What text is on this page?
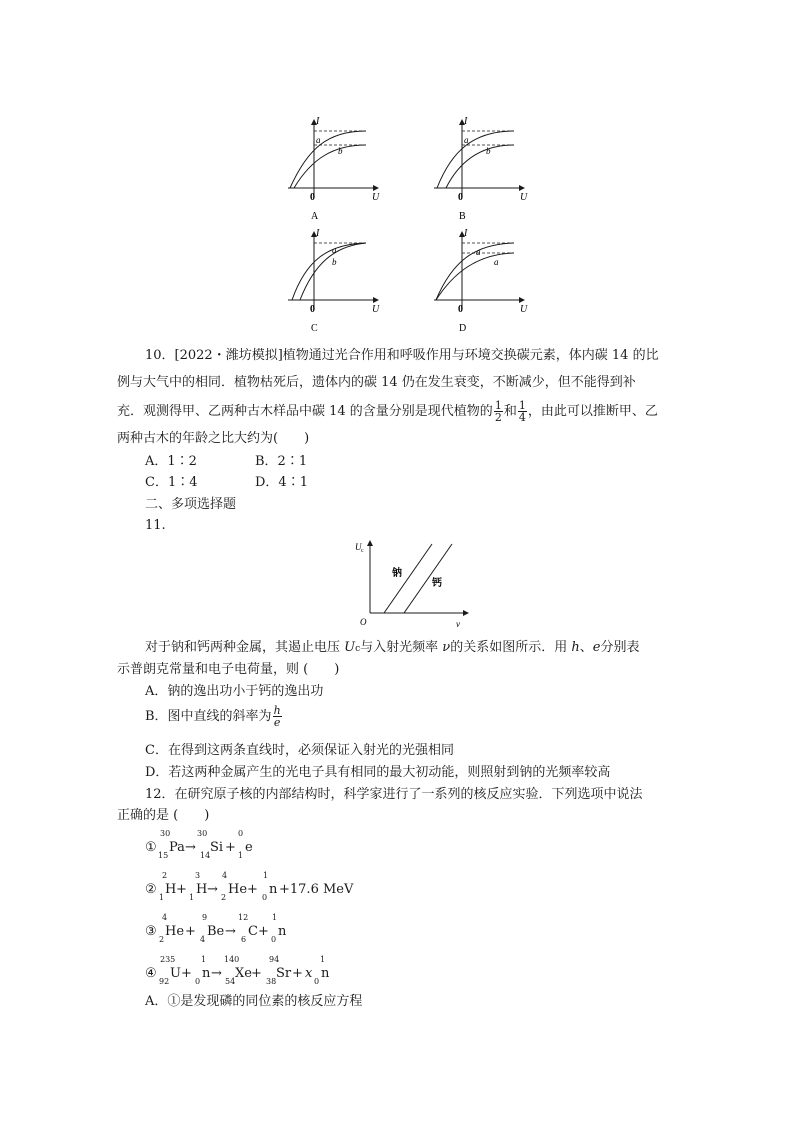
I
U
0
a
b
A
I
U
0
a
b
B
I
U
0
a
b
C
I
U
0
a
a
D
10．[2022・潍坊模拟]植物通过光合作用和呼吸作用与环境交换碳元素，体内碳 14 的比
例与大气中的相同．植物枯死后，遗体内的碳 14 仍在发生衰变，不断减少，但不能得到补
充．观测得甲、乙两种古木样品中碳 14 的含量分别是现代植物的 $\frac{1}{2}$ 和 $\frac{1}{4}$ ，由此可以推断甲、乙
两种古木的年龄之比大约为(　　)
A．1∶2	B．2∶1
C．1∶4	D．4∶1
二、多项选择题
11.
U c
O	ν
钠
钙
对于钠和钙两种金属，其遏止电压 Uc与入射光频率 ν的关系如图所示．用 h、e分别表
示普朗克常量和电子电荷量，则 (　　)
A．钠的逸出功小于钙的逸出功
B．图中直线的斜率为 $\frac{h}{e}$
C．在得到这两条直线时，必须保证入射光的光强相同
D．若这两种金属产生的光电子具有相同的最大初动能，则照射到钠的光频率较高
12．在研究原子核的内部结构时，科学家进行了一系列的核反应实验．下列选项中说法
正确的是 (　　)
①
30
15
Pa →
30
14
Si +
0
1
e
②
2
1
H +
3
1
H →
4
2
He +
1
0
n +17.6 MeV
③
4
2
He +
9
4
Be →
12
6
C +
1
0
n
④
235
92
U +
1
0
n →
140
54
Xe +
94
38
Sr + x
1
0
n
A．①是发现磷的同位素的核反应方程
